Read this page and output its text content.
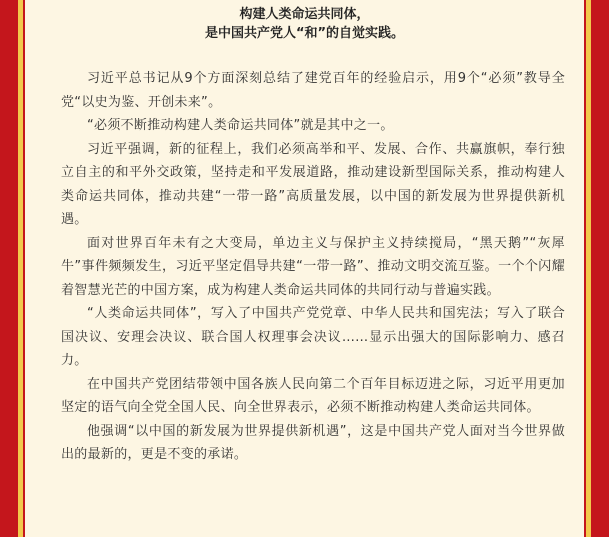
构建人类命运共同体，
是中国共产党人“和”的自觉实践。

习近平总书记从9个方面深刻总结了建党百年的经验启示，用9个“必须”教导全党“以史为鉴、开创未来”。

“必须不断推动构建人类命运共同体”就是其中之一。

习近平强调，新的征程上，我们必须高举和平、发展、合作、共赢旗帜，奉行独立自主的和平外交政策，坚持走和平发展道路，推动建设新型国际关系，推动构建人类命运共同体，推动共建“一带一路”高质量发展，以中国的新发展为世界提供新机遇。

面对世界百年未有之大变局，单边主义与保护主义持续搅局，“黑天鹅”“灰犀牛”事件频频发生，习近平坚定倡导共建“一带一路”、推动文明交流互鉴。一个个闪耀着智慧光芒的中国方案，成为构建人类命运共同体的共同行动与普遍实践。

“人类命运共同体”，写入了中国共产党党章、中华人民共和国宪法；写入了联合国决议、安理会决议、联合国人权理事会决议……显示出强大的国际影响力、感召力。

在中国共产党团结带领中国各族人民向第二个百年目标迈进之际，习近平用更加坚定的语气向全党全国人民、向全世界表示，必须不断推动构建人类命运共同体。

他强调“以中国的新发展为世界提供新机遇”，这是中国共产党人面对当今世界做出的最新的，更是不变的承诺。
